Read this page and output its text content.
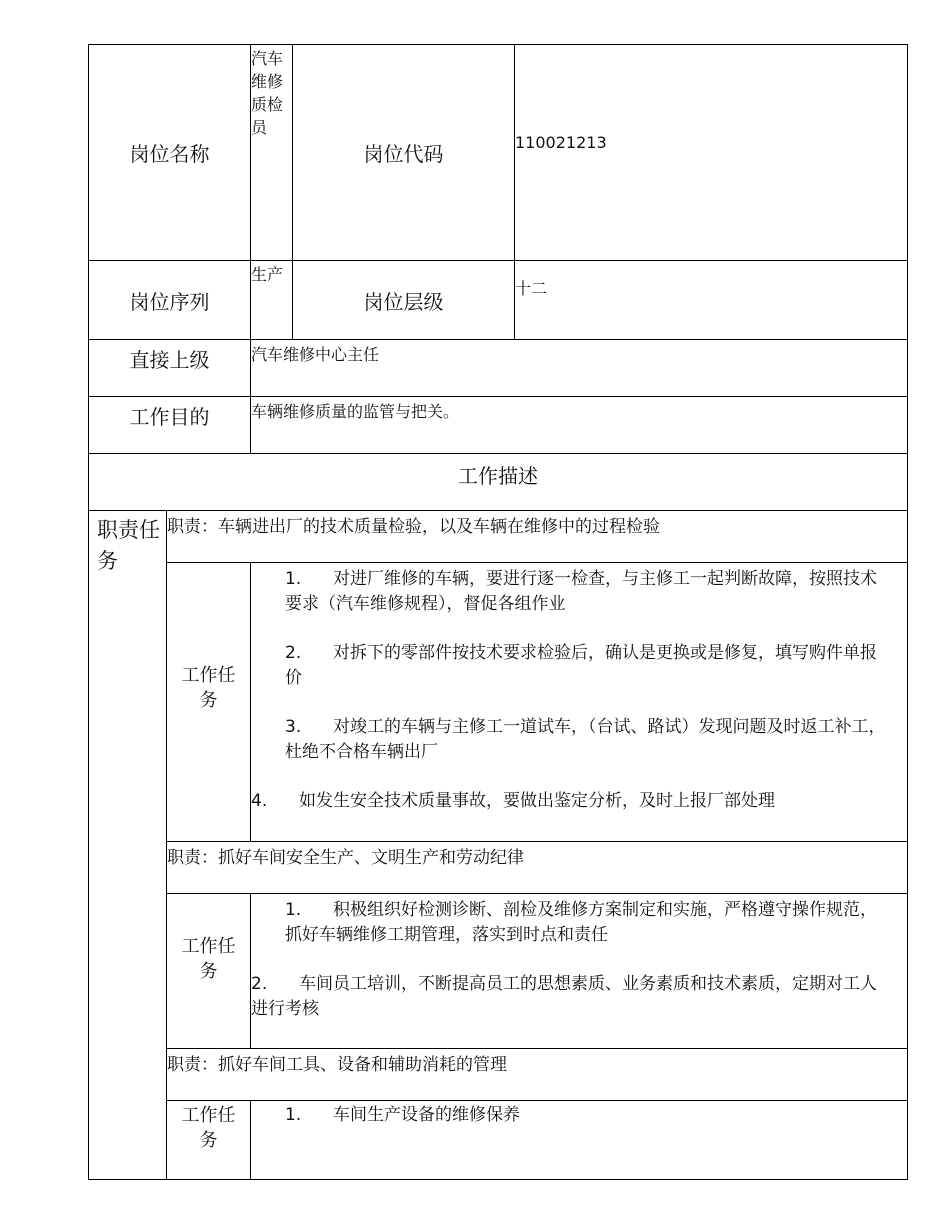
岗位名称		汽车维修质检员	岗位代码	110021213
岗位序列		生产	岗位层级	十二
直接上级		汽车维修中心主任		
工作目的		车辆维修质量的监管与把关。		
工作描述				
职责任务	职责：车辆进出厂的技术质量检验，以及车辆在维修中的过程检验			
	工作任务	1. 对进厂维修的车辆，要进行逐一检查，与主修工一起判断故障，按照技术要求（汽车维修规程），督促各组作业
2. 对拆下的零部件按技术要求检验后，确认是更换或是修复，填写购件单报价
3. 对竣工的车辆与主修工一道试车，（台试、路试）发现问题及时返工补工，杜绝不合格车辆出厂
4. 如发生安全技术质量事故，要做出鉴定分析，及时上报厂部处理		

	职责：抓好车间安全生产、文明生产和劳动纪律			
	工作任务	1. 积极组织好检测诊断、剖检及维修方案制定和实施，严格遵守操作规范，抓好车辆维修工期管理，落实到时点和责任
2. 车间员工培训，不断提高员工的思想素质、业务素质和技术素质，定期对工人进行考核		

	职责：抓好车间工具、设备和辅助消耗的管理			
	工作任务	1. 车间生产设备的维修保养		
